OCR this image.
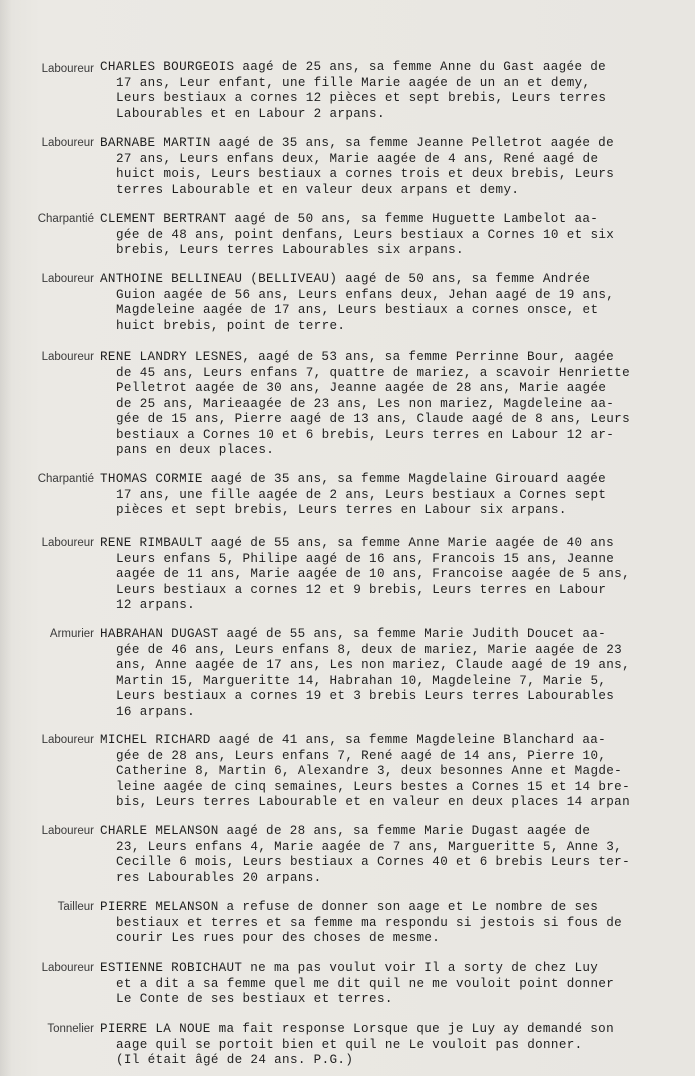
Laboureur CHARLES BOURGEOIS aagé de 25 ans, sa femme Anne du Gast aagée de
17 ans, Leur enfant, une fille Marie aagée de un an et demy,
Leurs bestiaux a cornes 12 pièces et sept brebis, Leurs terres
Labourables et en Labour 2 arpans.
Laboureur BARNABE MARTIN aagé de 35 ans, sa femme Jeanne Pelletrot aagée de
27 ans, Leurs enfans deux, Marie aagée de 4 ans, René aagé de
huict mois, Leurs bestiaux a cornes trois et deux brebis, Leurs
terres Labourable et en valeur deux arpans et demy.
Charpantié CLEMENT BERTRANT aagé de 50 ans, sa femme Huguette Lambelot aa-
gée de 48 ans, point denfans, Leurs bestiaux a Cornes 10 et six
brebis, Leurs terres Labourables six arpans.
Laboureur ANTHOINE BELLINEAU (BELLIVEAU) aagé de 50 ans, sa femme Andrée
Guion aagée de 56 ans, Leurs enfans deux, Jehan aagé de 19 ans,
Magdeleine aagée de 17 ans, Leurs bestiaux a cornes onsce, et
huict brebis, point de terre.
Laboureur RENE LANDRY LESNES, aagé de 53 ans, sa femme Perrinne Bour, aagée
de 45 ans, Leurs enfans 7, quattre de mariez, a scavoir Henriette
Pelletrot aagée de 30 ans, Jeanne aagée de 28 ans, Marie aagée
de 25 ans, Marieaagée de 23 ans, Les non mariez, Magdeleine aa-
gée de 15 ans, Pierre aagé de 13 ans, Claude aagé de 8 ans, Leurs
bestiaux a Cornes 10 et 6 brebis, Leurs terres en Labour 12 ar-
pans en deux places.
Charpantié THOMAS CORMIE aagé de 35 ans, sa femme Magdelaine Girouard aagée
17 ans, une fille aagée de 2 ans, Leurs bestiaux a Cornes sept
pièces et sept brebis, Leurs terres en Labour six arpans.
Laboureur RENE RIMBAULT aagé de 55 ans, sa femme Anne Marie aagée de 40 ans
Leurs enfans 5, Philipe aagé de 16 ans, Francois 15 ans, Jeanne
aagée de 11 ans, Marie aagée de 10 ans, Francoise aagée de 5 ans,
Leurs bestiaux a cornes 12 et 9 brebis, Leurs terres en Labour
12 arpans.
Armurier HABRAHAN DUGAST aagé de 55 ans, sa femme Marie Judith Doucet aa-
gée de 46 ans, Leurs enfans 8, deux de mariez, Marie aagée de 23
ans, Anne aagée de 17 ans, Les non mariez, Claude aagé de 19 ans,
Martin 15, Margueritte 14, Habrahan 10, Magdeleine 7, Marie 5,
Leurs bestiaux a cornes 19 et 3 brebis Leurs terres Labourables
16 arpans.
Laboureur MICHEL RICHARD aagé de 41 ans, sa femme Magdeleine Blanchard aa-
gée de 28 ans, Leurs enfans 7, René aagé de 14 ans, Pierre 10,
Catherine 8, Martin 6, Alexandre 3, deux besonnes Anne et Magde-
leine aagée de cinq semaines, Leurs bestes a Cornes 15 et 14 bre-
bis, Leurs terres Labourable et en valeur en deux places 14 arpan
Laboureur CHARLE MELANSON aagé de 28 ans, sa femme Marie Dugast aagée de
23, Leurs enfans 4, Marie aagée de 7 ans, Margueritte 5, Anne 3,
Cecille 6 mois, Leurs bestiaux a Cornes 40 et 6 brebis Leurs ter-
res Labourables 20 arpans.
Tailleur PIERRE MELANSON a refuse de donner son aage et Le nombre de ses
bestiaux et terres et sa femme ma respondu si jestois si fous de
courir Les rues pour des choses de mesme.
Laboureur ESTIENNE ROBICHAUT ne ma pas voulut voir Il a sorty de chez Luy
et a dit a sa femme quel me dit quil ne me vouloit point donner
Le Conte de ses bestiaux et terres.
Tonnelier PIERRE LA NOUE ma fait response Lorsque que je Luy ay demandé son
aage quil se portoit bien et quil ne Le vouloit pas donner.
(Il était âgé de 24 ans. P.G.)
